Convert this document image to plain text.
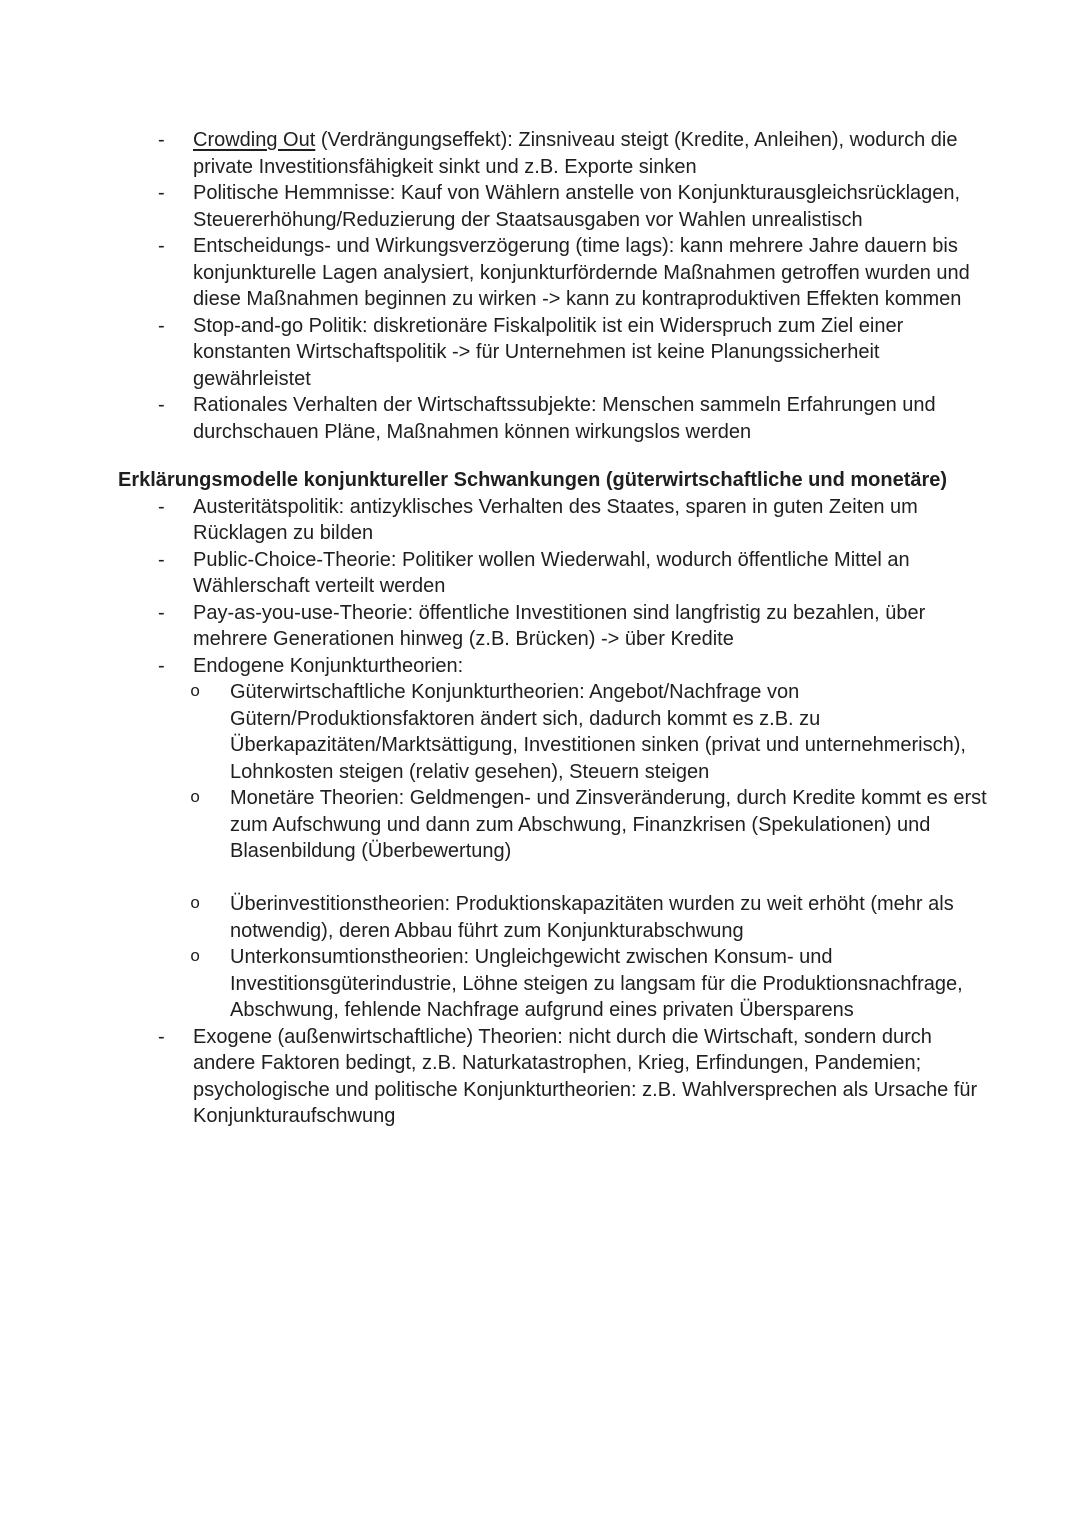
- Crowding Out (Verdrängungseffekt): Zinsniveau steigt (Kredite, Anleihen), wodurch die
private Investitionsfähigkeit sinkt und z.B. Exporte sinken
- Politische Hemmnisse: Kauf von Wählern anstelle von Konjunkturausgleichsrücklagen,
Steuererhöhung/Reduzierung der Staatsausgaben vor Wahlen unrealistisch
- Entscheidungs- und Wirkungsverzögerung (time lags): kann mehrere Jahre dauern bis
konjunkturelle Lagen analysiert, konjunkturfördernde Maßnahmen getroffen wurden und
diese Maßnahmen beginnen zu wirken -> kann zu kontraproduktiven Effekten kommen
- Stop-and-go Politik: diskretionäre Fiskalpolitik ist ein Widerspruch zum Ziel einer
konstanten Wirtschaftspolitik -> für Unternehmen ist keine Planungssicherheit
gewährleistet
- Rationales Verhalten der Wirtschaftssubjekte: Menschen sammeln Erfahrungen und
durchschauen Pläne, Maßnahmen können wirkungslos werden
Erklärungsmodelle konjunktureller Schwankungen (güterwirtschaftliche und monetäre)
- Austeritätspolitik: antizyklisches Verhalten des Staates, sparen in guten Zeiten um
Rücklagen zu bilden
- Public-Choice-Theorie: Politiker wollen Wiederwahl, wodurch öffentliche Mittel an
Wählerschaft verteilt werden
- Pay-as-you-use-Theorie: öffentliche Investitionen sind langfristig zu bezahlen, über
mehrere Generationen hinweg (z.B. Brücken) -> über Kredite
- Endogene Konjunkturtheorien:
o Güterwirtschaftliche Konjunkturtheorien: Angebot/Nachfrage von
Gütern/Produktionsfaktoren ändert sich, dadurch kommt es z.B. zu
Überkapazitäten/Marktsättigung, Investitionen sinken (privat und unternehmerisch),
Lohnkosten steigen (relativ gesehen), Steuern steigen
o Monetäre Theorien: Geldmengen- und Zinsveränderung, durch Kredite kommt es erst
zum Aufschwung und dann zum Abschwung, Finanzkrisen (Spekulationen) und
Blasenbildung (Überbewertung)
o Überinvestitionstheorien: Produktionskapazitäten wurden zu weit erhöht (mehr als
notwendig), deren Abbau führt zum Konjunkturabschwung
o Unterkonsumtionstheorien: Ungleichgewicht zwischen Konsum- und
Investitionsgüterindustrie, Löhne steigen zu langsam für die Produktionsnachfrage,
Abschwung, fehlende Nachfrage aufgrund eines privaten Übersparens
- Exogene (außenwirtschaftliche) Theorien: nicht durch die Wirtschaft, sondern durch
andere Faktoren bedingt, z.B. Naturkatastrophen, Krieg, Erfindungen, Pandemien;
psychologische und politische Konjunkturtheorien: z.B. Wahlversprechen als Ursache für
Konjunkturaufschwung
